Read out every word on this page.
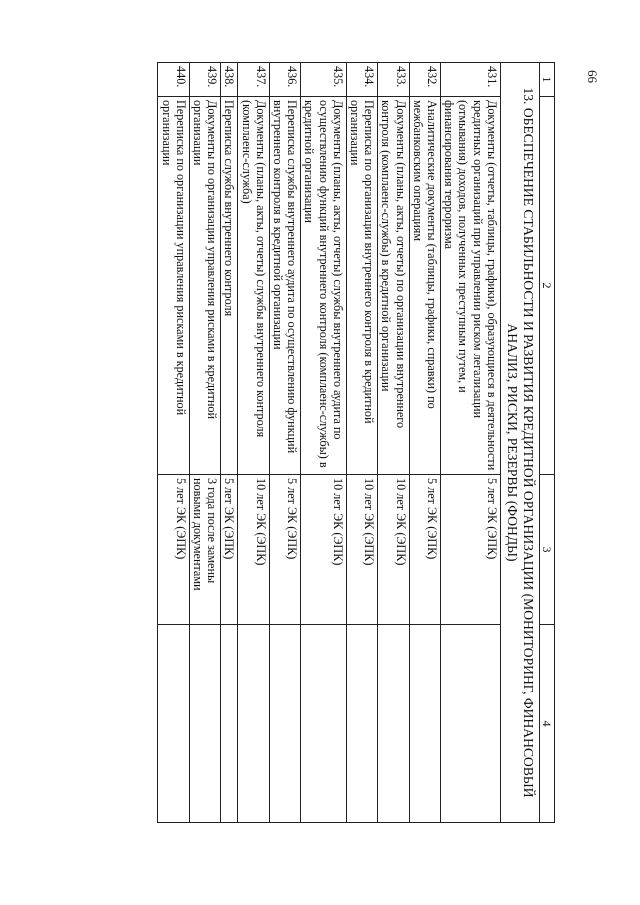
66
1	2	3	4
13. ОБЕСПЕЧЕНИЕ СТАБИЛЬНОСТИ И РАЗВИТИЯ КРЕДИТНОЙ ОРГАНИЗАЦИИ (МОНИТОРИНГ, ФИНАНСОВЫЙ АНАЛИЗ, РИСКИ, РЕЗЕРВЫ (ФОНДЫ)			
431.	Документы (отчеты, таблицы, графики), образующиеся в деятельности кредитных организаций при управлении риском легализации (отмывания) доходов, полученных преступным путем, и финансирования терроризма	5 лет ЭК (ЭПК)	
432.	Аналитические документы (таблицы, графики, справки) по межбанковским операциям	5 лет ЭК (ЭПК)	
433.	Документы (планы, акты, отчеты) по организации внутреннего контроля (комплаенс-службы) в кредитной организации	10 лет ЭК (ЭПК)	
434.	Переписка по организации внутреннего контроля в кредитной организации	10 лет ЭК (ЭПК)	
435.	Документы (планы, акты, отчеты) службы внутреннего аудита по осуществлению функций внутреннего контроля (комплаенс-службы) в кредитной организации	10 лет ЭК (ЭПК)	
436.	Переписка службы внутреннего аудита по осуществлению функций внутреннего контроля в кредитной организации	5 лет ЭК (ЭПК)	
437.	Документы (планы, акты, отчеты) службы внутреннего контроля (комплаенс-служба)	10 лет ЭК (ЭПК)	
438.	Переписка службы внутреннего контроля	5 лет ЭК (ЭПК)	
439.	Документы по организации управления рисками в кредитной организации	3 года после замены новыми документами	
440.	Переписка по организации управления рисками в кредитной организации	5 лет ЭК (ЭПК)	
